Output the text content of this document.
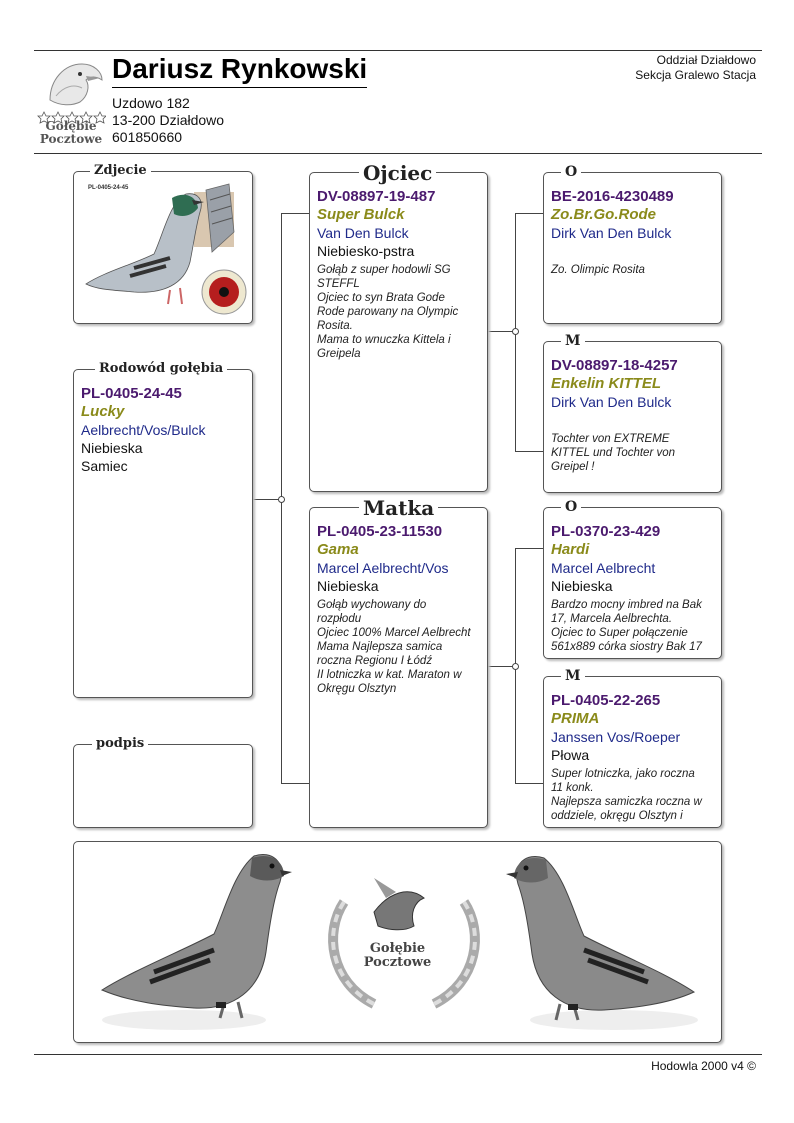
Gołębie
Pocztowe
Dariusz Rynkowski
Uzdowo 182
13-200 Działdowo
601850660
Oddział Działdowo
Sekcja Gralewo Stacja
PL-0405-24-45
Zdjecie
PL-0405-24-45
Lucky
Aelbrecht/Vos/Bulck
Niebieska
Samiec
Rodowód gołębia
podpis
DV-08897-19-487
Super Bulck
Van Den Bulck
Niebiesko-pstra
Gołąb z super hodowli SG
STEFFL
Ojciec to syn Brata Gode
Rode parowany na Olympic
Rosita.
Mama to wnuczka Kittela i
Greipela
Ojciec
PL-0405-23-11530
Gama
Marcel Aelbrecht/Vos
Niebieska
Gołąb wychowany do
rozpłodu
Ojciec 100% Marcel Aelbrecht
Mama Najlepsza samica
roczna Regionu I Łódź
II lotniczka w kat. Maraton w
Okręgu Olsztyn
Matka
BE-2016-4230489
Zo.Br.Go.Rode
Dirk Van Den Bulck
Zo. Olimpic Rosita
O
DV-08897-18-4257
Enkelin KITTEL
Dirk Van Den Bulck
Tochter von EXTREME
KITTEL und Tochter von
Greipel !
M
PL-0370-23-429
Hardi
Marcel Aelbrecht
Niebieska
Bardzo mocny imbred na Bak
17, Marcela Aelbrechta.
Ojciec to Super połączenie
561x889 córka siostry Bak 17
O
PL-0405-22-265
PRIMA
Janssen Vos/Roeper
Płowa
Super lotniczka, jako roczna
11 konk.
Najlepsza samiczka roczna w
oddziele, okręgu Olsztyn i
M
Gołębie
Pocztowe
Hodowla 2000 v4 ©
